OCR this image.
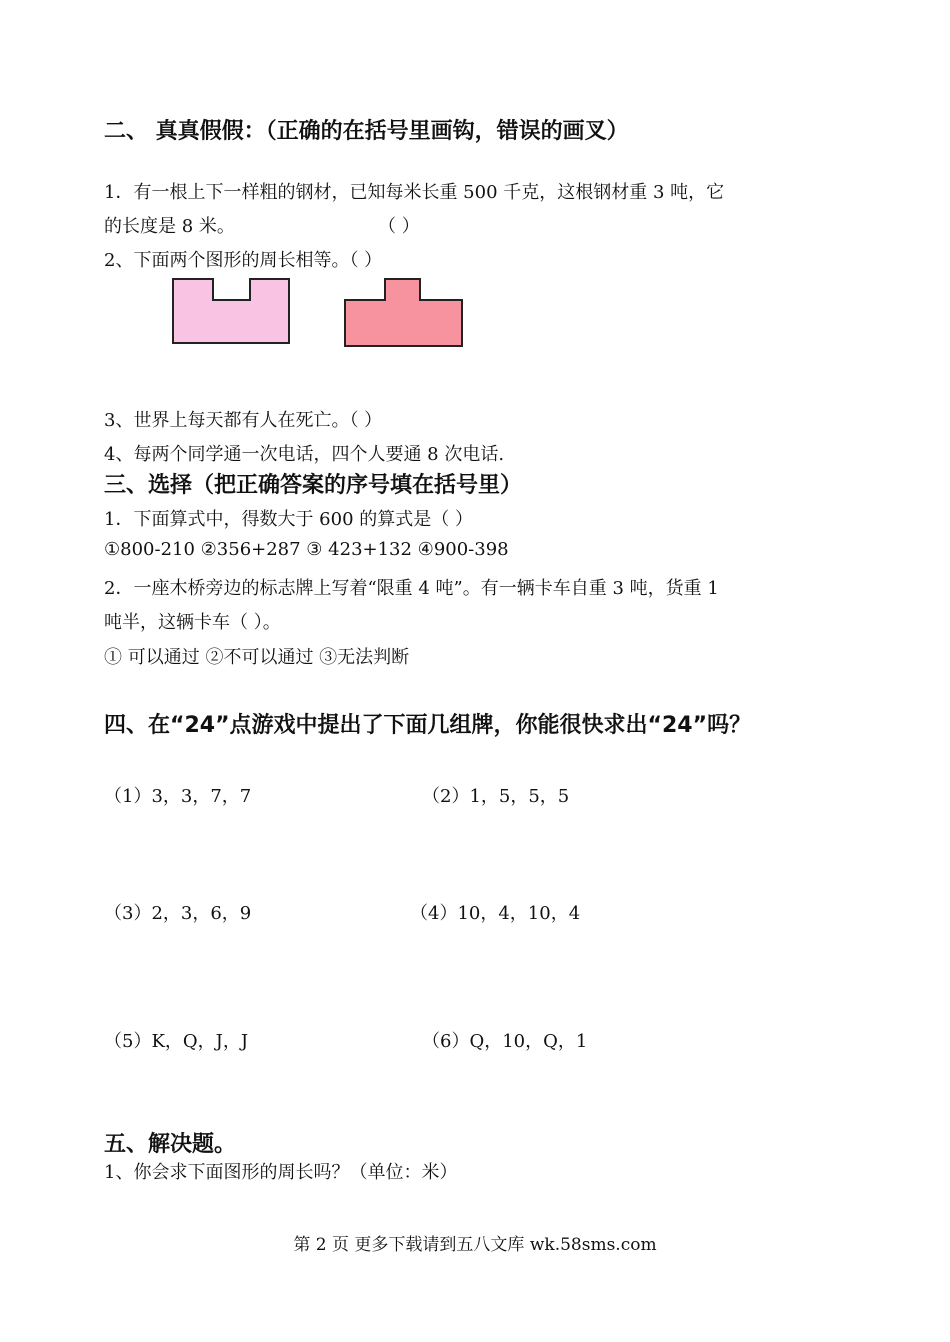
二、 真真假假：（正确的在括号里画钩，错误的画叉）
1．有一根上下一样粗的钢材，已知每米长重 500 千克，这根钢材重 3 吨，它
的长度是 8 米。	（ ）
2、下面两个图形的周长相等。（ ）
3、世界上每天都有人在死亡。（ ）
4、每两个同学通一次电话，四个人要通 8 次电话.
三、选择（把正确答案的序号填在括号里）
1．下面算式中，得数大于 600 的算式是（ ）
①800-210 ②356+287 ③ 423+132 ④900-398
2．一座木桥旁边的标志牌上写着“限重 4 吨”。有一辆卡车自重 3 吨，货重 1
吨半，这辆卡车（ ）。
① 可以通过 ②不可以通过 ③无法判断
四、在“24”点游戏中提出了下面几组牌，你能很快求出“24”吗？
（1）3，3，7，7	（2）1，5，5，5
（3）2，3，6，9	（4）10，4，10，4
（5）K，Q，J，J	（6）Q，10，Q，1
五、解决题。
1、你会求下面图形的周长吗？（单位：米）
第 2 页 更多下载请到五八文库 wk.58sms.com
